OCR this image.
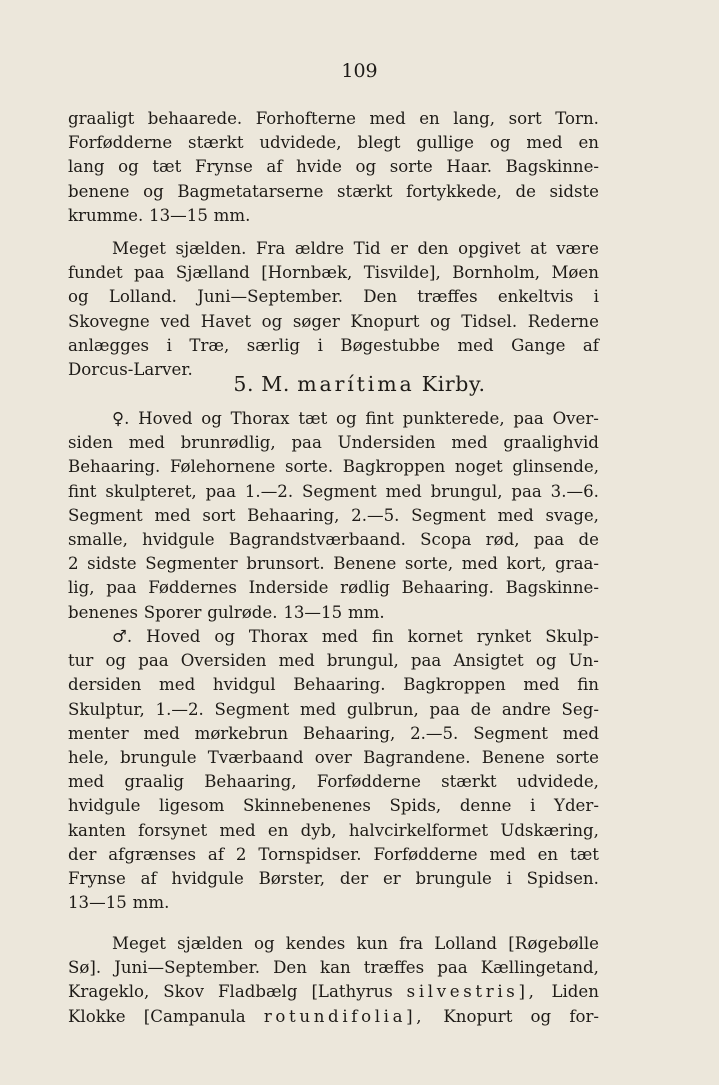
109
graaligt behaarede. Forhofterne med en lang, sort Torn.
Forfødderne stærkt udvidede, blegt gullige og med en
lang og tæt Frynse af hvide og sorte Haar. Bagskinne-
benene og Bagmetatarserne stærkt fortykkede, de sidste
krumme. 13—15 mm.
Meget sjælden. Fra ældre Tid er den opgivet at være
fundet paa Sjælland [Hornbæk, Tisvilde], Bornholm, Møen
og Lolland. Juni—September. Den træffes enkeltvis i
Skovegne ved Havet og søger Knopurt og Tidsel. Rederne
anlægges i Træ, særlig i Bøgestubbe med Gange af
Dorcus-Larver.
5. M. marítima Kirby.
♀. Hoved og Thorax tæt og fint punkterede, paa Over-
siden med brunrødlig, paa Undersiden med graalighvid
Behaaring. Følehornene sorte. Bagkroppen noget glinsende,
fint skulpteret, paa 1.—2. Segment med brungul, paa 3.—6.
Segment med sort Behaaring, 2.—5. Segment med svage,
smalle, hvidgule Bagrandstværbaand. Scopa rød, paa de
2 sidste Segmenter brunsort. Benene sorte, med kort, graa-
lig, paa Føddernes Inderside rødlig Behaaring. Bagskinne-
benenes Sporer gulrøde. 13—15 mm.
♂. Hoved og Thorax med fin kornet rynket Skulp-
tur og paa Oversiden med brungul, paa Ansigtet og Un-
dersiden med hvidgul Behaaring. Bagkroppen med fin
Skulptur, 1.—2. Segment med gulbrun, paa de andre Seg-
menter med mørkebrun Behaaring, 2.—5. Segment med
hele, brungule Tværbaand over Bagrandene. Benene sorte
med graalig Behaaring, Forfødderne stærkt udvidede,
hvidgule ligesom Skinnebenenes Spids, denne i Yder-
kanten forsynet med en dyb, halvcirkelformet Udskæring,
der afgrænses af 2 Tornspidser. Forfødderne med en tæt
Frynse af hvidgule Børster, der er brungule i Spidsen.
13—15 mm.
Meget sjælden og kendes kun fra Lolland [Røgebølle
Sø]. Juni—September. Den kan træffes paa Kællingetand,
Krageklo, Skov Fladbælg [Lathyrus silvestris], Liden
Klokke [Campanula rotundifolia], Knopurt og for-
